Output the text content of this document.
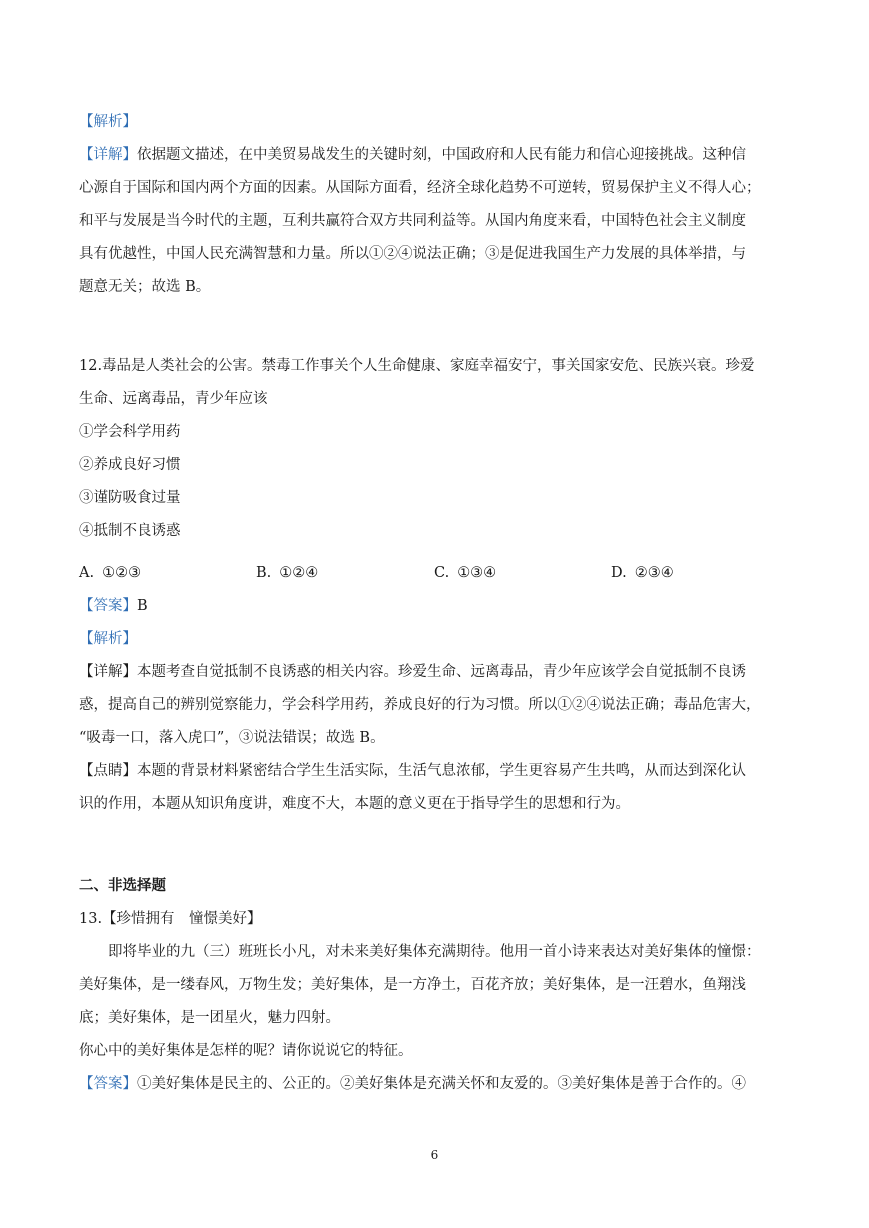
【解析】
【详解】依据题文描述，在中美贸易战发生的关键时刻，中国政府和人民有能力和信心迎接挑战。这种信
心源自于国际和国内两个方面的因素。从国际方面看，经济全球化趋势不可逆转，贸易保护主义不得人心；
和平与发展是当今时代的主题，互利共赢符合双方共同利益等。从国内角度来看，中国特色社会主义制度
具有优越性，中国人民充满智慧和力量。所以①②④说法正确；③是促进我国生产力发展的具体举措，与
题意无关；故选 B。
12.毒品是人类社会的公害。禁毒工作事关个人生命健康、家庭幸福安宁，事关国家安危、民族兴衰。珍爱
生命、远离毒品，青少年应该
①学会科学用药
②养成良好习惯
③谨防吸食过量
④抵制不良诱惑
A. ①②③	B. ①②④	C. ①③④	D. ②③④
【答案】B
【解析】
【详解】本题考查自觉抵制不良诱惑的相关内容。珍爱生命、远离毒品，青少年应该学会自觉抵制不良诱
惑，提高自己的辨别觉察能力，学会科学用药，养成良好的行为习惯。所以①②④说法正确；毒品危害大，
“吸毒一口，落入虎口”，③说法错误；故选 B。
【点睛】本题的背景材料紧密结合学生生活实际，生活气息浓郁，学生更容易产生共鸣，从而达到深化认
识的作用，本题从知识角度讲，难度不大，本题的意义更在于指导学生的思想和行为。
二、非选择题
13.【珍惜拥有　憧憬美好】
即将毕业的九（三）班班长小凡，对未来美好集体充满期待。他用一首小诗来表达对美好集体的憧憬：
美好集体，是一缕春风，万物生发；美好集体，是一方净土，百花齐放；美好集体，是一汪碧水，鱼翔浅
底；美好集体，是一团星火，魅力四射。
你心中的美好集体是怎样的呢？请你说说它的特征。
【答案】①美好集体是民主的、公正的。②美好集体是充满关怀和友爱的。③美好集体是善于合作的。④
6
